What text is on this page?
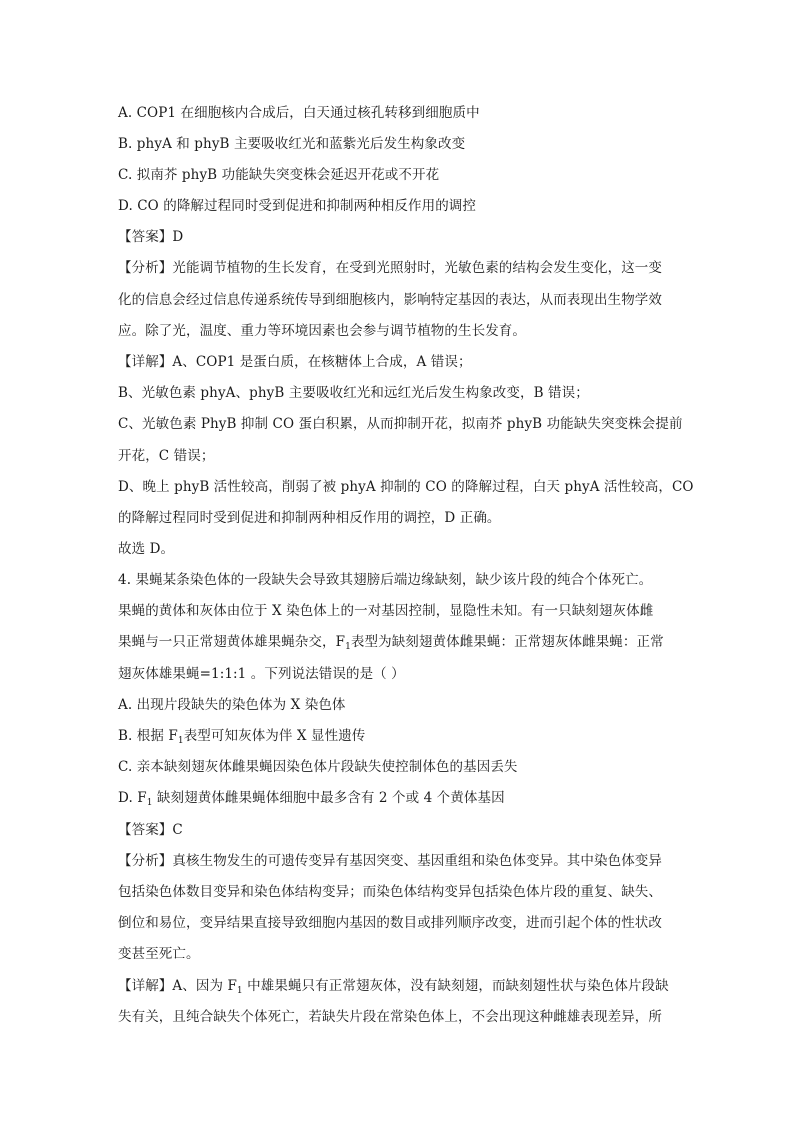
A. COP1 在细胞核内合成后，白天通过核孔转移到细胞质中
B. phyA 和 phyB 主要吸收红光和蓝紫光后发生构象改变
C. 拟南芥 phyB 功能缺失突变株会延迟开花或不开花
D. CO 的降解过程同时受到促进和抑制两种相反作用的调控
【答案】D
【分析】光能调节植物的生长发育，在受到光照射时，光敏色素的结构会发生变化，这一变
化的信息会经过信息传递系统传导到细胞核内，影响特定基因的表达，从而表现出生物学效
应。除了光，温度、重力等环境因素也会参与调节植物的生长发育。
【详解】A、COP1 是蛋白质，在核糖体上合成，A 错误；
B、光敏色素 phyA、phyB 主要吸收红光和远红光后发生构象改变，B 错误；
C、光敏色素 PhyB 抑制 CO 蛋白积累，从而抑制开花，拟南芥 phyB 功能缺失突变株会提前
开花，C 错误；
D、晚上 phyB 活性较高，削弱了被 phyA 抑制的 CO 的降解过程，白天 phyA 活性较高，CO
的降解过程同时受到促进和抑制两种相反作用的调控，D 正确。
故选 D。
4. 果蝇某条染色体的一段缺失会导致其翅膀后端边缘缺刻，缺少该片段的纯合个体死亡。
果蝇的黄体和灰体由位于 X 染色体上的一对基因控制，显隐性未知。有一只缺刻翅灰体雌
果蝇与一只正常翅黄体雄果蝇杂交，$F_1$表型为缺刻翅黄体雌果蝇：正常翅灰体雌果蝇：正常
翅灰体雄果蝇=1:1:1 。下列说法错误的是（ ）
A. 出现片段缺失的染色体为 X 染色体
B. 根据 $F_1$表型可知灰体为伴 X 显性遗传
C. 亲本缺刻翅灰体雌果蝇因染色体片段缺失使控制体色的基因丢失
D. $F_1$ 缺刻翅黄体雌果蝇体细胞中最多含有 2 个或 4 个黄体基因
【答案】C
【分析】真核生物发生的可遗传变异有基因突变、基因重组和染色体变异。其中染色体变异
包括染色体数目变异和染色体结构变异；而染色体结构变异包括染色体片段的重复、缺失、
倒位和易位，变异结果直接导致细胞内基因的数目或排列顺序改变，进而引起个体的性状改
变甚至死亡。
【详解】A、因为 $F_1$ 中雄果蝇只有正常翅灰体，没有缺刻翅，而缺刻翅性状与染色体片段缺
失有关，且纯合缺失个体死亡，若缺失片段在常染色体上，不会出现这种雌雄表现差异，所
